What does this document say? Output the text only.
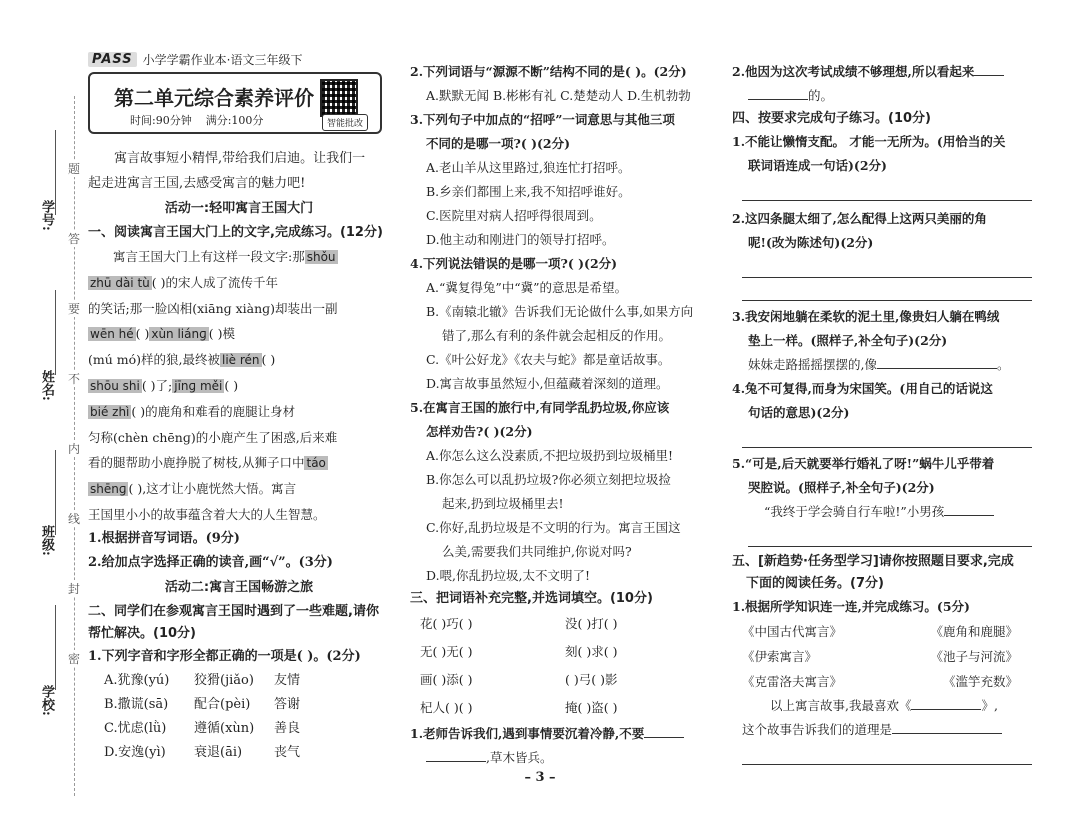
学号:
姓名:
班级:
学校:
题
答
要
不
内
线
封
密
PASS 小学学霸作业本·语文三年级下
第二单元综合素养评价
时间:90分钟 满分:100分	智能批改

寓言故事短小精悍,带给我们启迪。让我们一

起走进寓言王国,去感受寓言的魅力吧!

活动一:轻叩寓言王国大门
一、阅读寓言王国大门上的文字,完成练习。(12分)

寓言王国大门上有这样一段文字:那 shǒu

zhū dài tù ( )的宋人成了流传千年

的笑话;那一脸凶相(xiānɡ xiànɡ)却装出一副

wēn hé ( ) xùn liánɡ ( )模

(mú mó)样的狼,最终被 liè rén ( )

shōu shi ( )了; jīnɡ měi ( )

bié zhì ( )的鹿角和难看的鹿腿让身材

匀称(chèn chēnɡ)的小鹿产生了困惑,后来难

看的腿帮助小鹿挣脱了树枝,从狮子口中 táo

shēnɡ ( ),这才让小鹿恍然大悟。寓言

王国里小小的故事蕴含着大大的人生智慧。

1.根据拼音写词语。(9分)
2.给加点字选择正确的读音,画“√”。(3分)
活动二:寓言王国畅游之旅
二、同学们在参观寓言王国时遇到了一些难题,请你帮忙解决。(10分)
1.下列字音和字形全都正确的一项是( )。(2分)
A.犹豫(yú)	狡猾(jiǎo)	友情
B.撒谎(sā)	配合(pèi)	答谢
C.忧虑(lǜ)	遵循(xùn)	善良
D.安逸(yì)	衰退(āi)	丧气
2.下列词语与“源源不断”结构不同的是( )。(2分)
A.默默无闻 B.彬彬有礼 C.楚楚动人 D.生机勃勃
3.下列句子中加点的“招呼”一词意思与其他三项
不同的是哪一项?( )(2分)
A.老山羊从这里路过,狼连忙打招呼。
B.乡亲们都围上来,我不知招呼谁好。
C.医院里对病人招呼得很周到。
D.他主动和刚进门的领导打招呼。
4.下列说法错误的是哪一项?( )(2分)
A.“冀复得兔”中“冀”的意思是希望。
B.《南辕北辙》告诉我们无论做什么事,如果方向
错了,那么有利的条件就会起相反的作用。
C.《叶公好龙》《农夫与蛇》都是童话故事。
D.寓言故事虽然短小,但蕴藏着深刻的道理。
5.在寓言王国的旅行中,有同学乱扔垃圾,你应该
怎样劝告?( )(2分)
A.你怎么这么没素质,不把垃圾扔到垃圾桶里!
B.你怎么可以乱扔垃圾?你必须立刻把垃圾捡
起来,扔到垃圾桶里去!
C.你好,乱扔垃圾是不文明的行为。寓言王国这
么美,需要我们共同维护,你说对吗?
D.喂,你乱扔垃圾,太不文明了!
三、把词语补充完整,并选词填空。(10分)
花( )巧( )	没( )打( )
无( )无( )	刻( )求( )
画( )添( )	( )弓( )影
杞人( )( )	掩( )盗( )
1.老师告诉我们,遇到事情要沉着冷静,不要
,草木皆兵。
2.他因为这次考试成绩不够理想,所以看起来
的。
四、按要求完成句子练习。(10分)
1.不能让懒惰支配。 才能一无所为。(用恰当的关
联词语连成一句话)(2分)
2.这四条腿太细了,怎么配得上这两只美丽的角
呢!(改为陈述句)(2分)
3.我安闲地躺在柔软的泥土里,像贵妇人躺在鸭绒
垫上一样。(照样子,补全句子)(2分)
妹妹走路摇摇摆摆的,像	。
4.兔不可复得,而身为宋国笑。(用自己的话说这
句话的意思)(2分)
5.“可是,后天就要举行婚礼了呀!”蜗牛儿乎带着
哭腔说。(照样子,补全句子)(2分)
“我终于学会骑自行车啦!”小男孩
五、[新趋势·任务型学习]请你按照题目要求,完成
下面的阅读任务。(7分)
1.根据所学知识连一连,并完成练习。(5分)
《中国古代寓言》	《鹿角和鹿腿》
《伊索寓言》	《池子与河流》
《克雷洛夫寓言》	《滥竽充数》
以上寓言故事,我最喜欢《	》,
这个故事告诉我们的道理是
– 3 –
